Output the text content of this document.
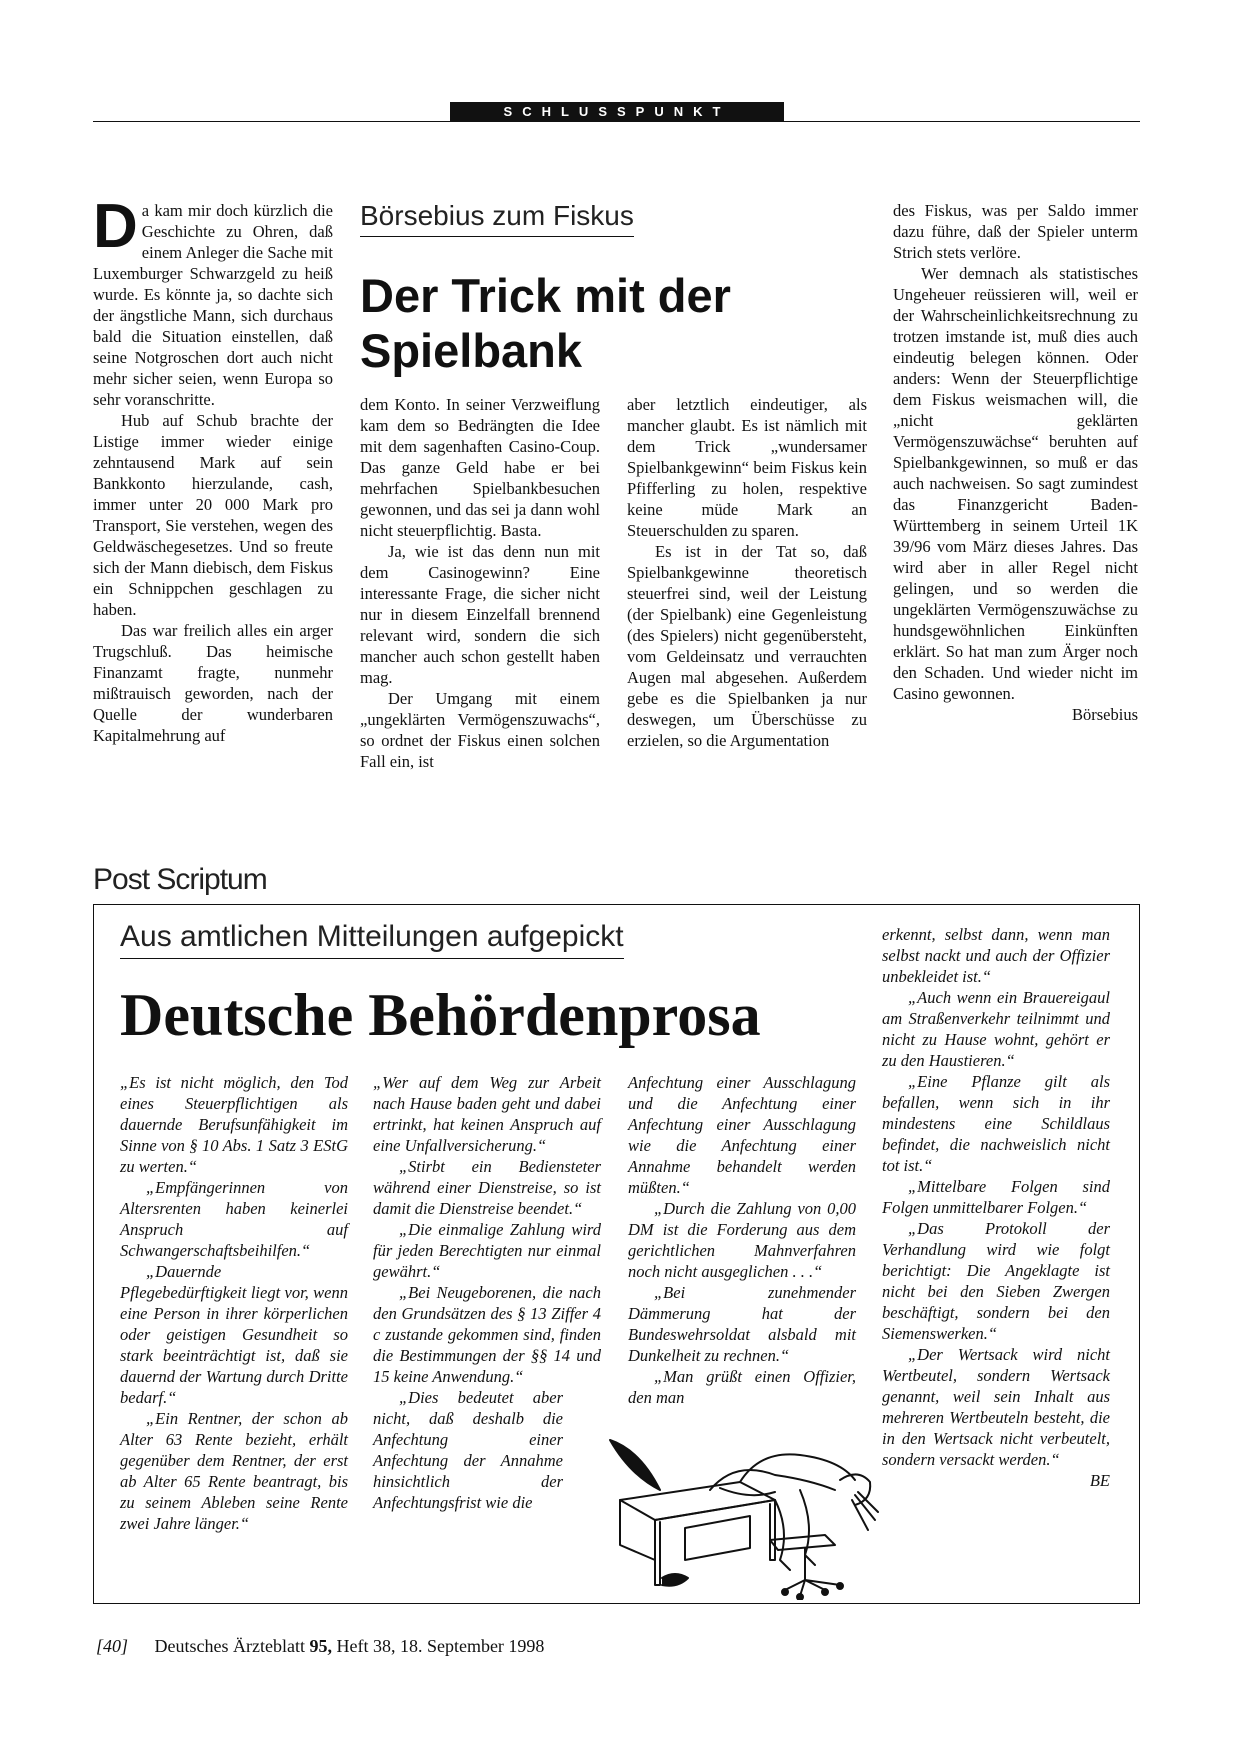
SCHLUSSPUNKT

Da kam mir doch kürzlich die Geschichte zu Ohren, daß einem Anleger die Sache mit Luxemburger Schwarzgeld zu heiß wurde. Es könnte ja, so dachte sich der ängstliche Mann, sich durchaus bald die Situation einstellen, daß seine Notgroschen dort auch nicht mehr sicher seien, wenn Europa so sehr voranschritte.

Hub auf Schub brachte der Listige immer wieder einige zehntausend Mark auf sein Bankkonto hierzulande, cash, immer unter 20 000 Mark pro Transport, Sie verstehen, wegen des Geldwäschegesetzes. Und so freute sich der Mann diebisch, dem Fiskus ein Schnippchen geschlagen zu haben.

Das war freilich alles ein arger Trugschluß. Das heimische Finanzamt fragte, nunmehr mißtrauisch geworden, nach der Quelle der wunderbaren Kapitalmehrung auf

Börsebius zum Fiskus
Der Trick mit der
Spielbank

dem Konto. In seiner Verzweiflung kam dem so Bedrängten die Idee mit dem sagenhaften Casino-Coup. Das ganze Geld habe er bei mehrfachen Spielbankbesuchen gewonnen, und das sei ja dann wohl nicht steuerpflichtig. Basta.

Ja, wie ist das denn nun mit dem Casinogewinn? Eine interessante Frage, die sicher nicht nur in diesem Einzelfall brennend relevant wird, sondern die sich mancher auch schon gestellt haben mag.

Der Umgang mit einem „ungeklärten Vermögenszuwachs“, so ordnet der Fiskus einen solchen Fall ein, ist

aber letztlich eindeutiger, als mancher glaubt. Es ist nämlich mit dem Trick „wundersamer Spielbankgewinn“ beim Fiskus kein Pfifferling zu holen, respektive keine müde Mark an Steuerschulden zu sparen.

Es ist in der Tat so, daß Spielbankgewinne theoretisch steuerfrei sind, weil der Leistung (der Spielbank) eine Gegenleistung (des Spielers) nicht gegenübersteht, vom Geldeinsatz und verrauchten Augen mal abgesehen. Außerdem gebe es die Spielbanken ja nur deswegen, um Überschüsse zu erzielen, so die Argumentation

des Fiskus, was per Saldo immer dazu führe, daß der Spieler unterm Strich stets verlöre.

Wer demnach als statistisches Ungeheuer reüssieren will, weil er der Wahrscheinlichkeitsrechnung zu trotzen imstande ist, muß dies auch eindeutig belegen können. Oder anders: Wenn der Steuerpflichtige dem Fiskus weismachen will, die „nicht geklärten Vermögenszuwächse“ beruhten auf Spielbankgewinnen, so muß er das auch nachweisen. So sagt zumindest das Finanzgericht Baden-Württemberg in seinem Urteil 1K 39/96 vom März dieses Jahres. Das wird aber in aller Regel nicht gelingen, und so werden die ungeklärten Vermögenszuwächse zu hundsgewöhnlichen Einkünften erklärt. So hat man zum Ärger noch den Schaden. Und wieder nicht im Casino gewonnen.

Börsebius
Post Scriptum
Aus amtlichen Mitteilungen aufgepickt
Deutsche Behördenprosa

„Es ist nicht möglich, den Tod eines Steuerpflichtigen als dauernde Berufsunfähigkeit im Sinne von § 10 Abs. 1 Satz 3 EStG zu werten.“

„Empfängerinnen von Altersrenten haben keinerlei Anspruch auf Schwangerschaftsbeihilfen.“

„Dauernde Pflegebedürftigkeit liegt vor, wenn eine Person in ihrer körperlichen oder geistigen Gesundheit so stark beeinträchtigt ist, daß sie dauernd der Wartung durch Dritte bedarf.“

„Ein Rentner, der schon ab Alter 63 Rente bezieht, erhält gegenüber dem Rentner, der erst ab Alter 65 Rente beantragt, bis zu seinem Ableben seine Rente zwei Jahre länger.“

„Wer auf dem Weg zur Arbeit nach Hause baden geht und dabei ertrinkt, hat keinen Anspruch auf eine Unfallversicherung.“

„Stirbt ein Bediensteter während einer Dienstreise, so ist damit die Dienstreise beendet.“

„Die einmalige Zahlung wird für jeden Berechtigten nur einmal gewährt.“

„Bei Neugeborenen, die nach den Grundsätzen des § 13 Ziffer 4 c zustande gekommen sind, finden die Bestimmungen der §§ 14 und 15 keine Anwendung.“

„Dies bedeutet aber nicht, daß deshalb die Anfechtung einer Anfechtung der Annahme hinsichtlich der Anfechtungsfrist wie die

Anfechtung einer Ausschlagung und die Anfechtung einer Anfechtung einer Ausschlagung wie die Anfechtung einer Annahme behandelt werden müßten.“

„Durch die Zahlung von 0,00 DM ist die Forderung aus dem gerichtlichen Mahnverfahren noch nicht ausgeglichen . . .“

„Bei zunehmender Dämmerung hat der Bundeswehrsoldat alsbald mit Dunkelheit zu rechnen.“

„Man grüßt einen Offizier, den man

erkennt, selbst dann, wenn man selbst nackt und auch der Offizier unbekleidet ist.“

„Auch wenn ein Brauereigaul am Straßenverkehr teilnimmt und nicht zu Hause wohnt, gehört er zu den Haustieren.“

„Eine Pflanze gilt als befallen, wenn sich in ihr mindestens eine Schildlaus befindet, die nachweislich nicht tot ist.“

„Mittelbare Folgen sind Folgen unmittelbarer Folgen.“

„Das Protokoll der Verhandlung wird wie folgt berichtigt: Die Angeklagte ist nicht bei den Sieben Zwergen beschäftigt, sondern bei den Siemenswerken.“

„Der Wertsack wird nicht Wertbeutel, sondern Wertsack genannt, weil sein Inhalt aus mehreren Wertbeuteln besteht, die in den Wertsack nicht verbeutelt, sondern versackt werden.“

BE
[40] Deutsches Ärzteblatt 95, Heft 38, 18. September 1998
